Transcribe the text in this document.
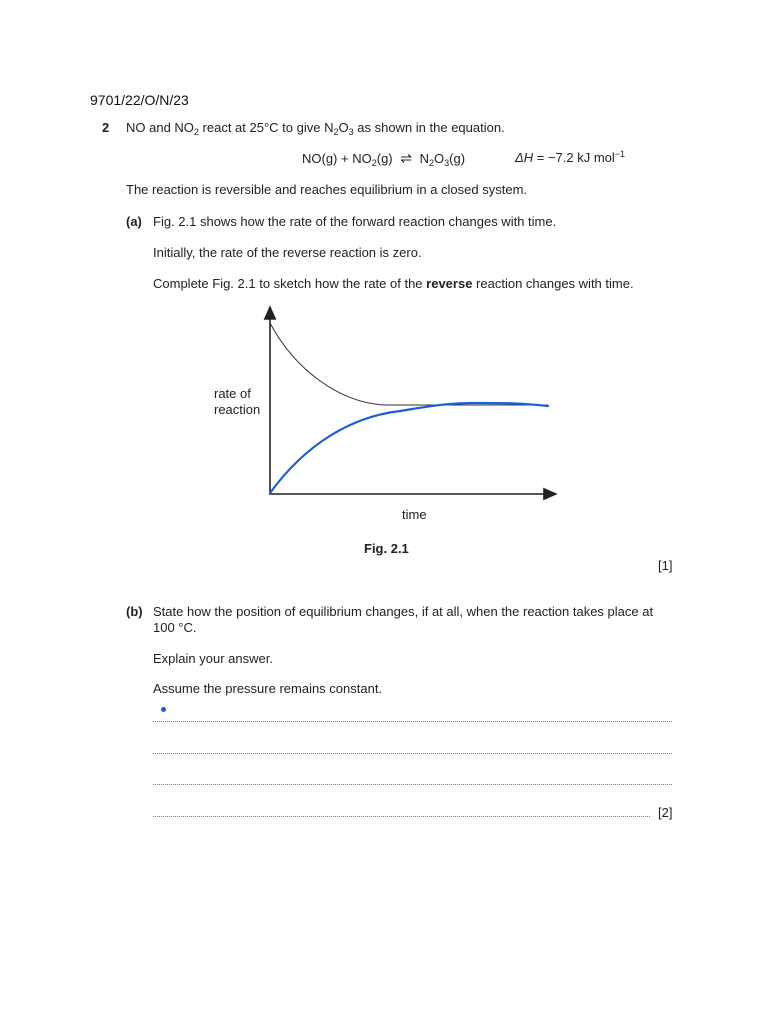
9701/22/O/N/23
2 NO and $NO_2$ react at 25°C to give $N_2O_3$ as shown in the equation.
$NO(g) + NO_2(g)$ ⇌ $N_2O_3(g)$	ΔH = −7.2 kJ mol$^{-1}$
The reaction is reversible and reaches equilibrium in a closed system.
(a) Fig. 2.1 shows how the rate of the forward reaction changes with time.
Initially, the rate of the reverse reaction is zero.
Complete Fig. 2.1 to sketch how the rate of the reverse reaction changes with time.
rate of
reaction
time
Fig. 2.1
[1]
(b) State how the position of equilibrium changes, if at all, when the reaction takes place at
100 °C.
Explain your answer.
Assume the pressure remains constant.
[2]
